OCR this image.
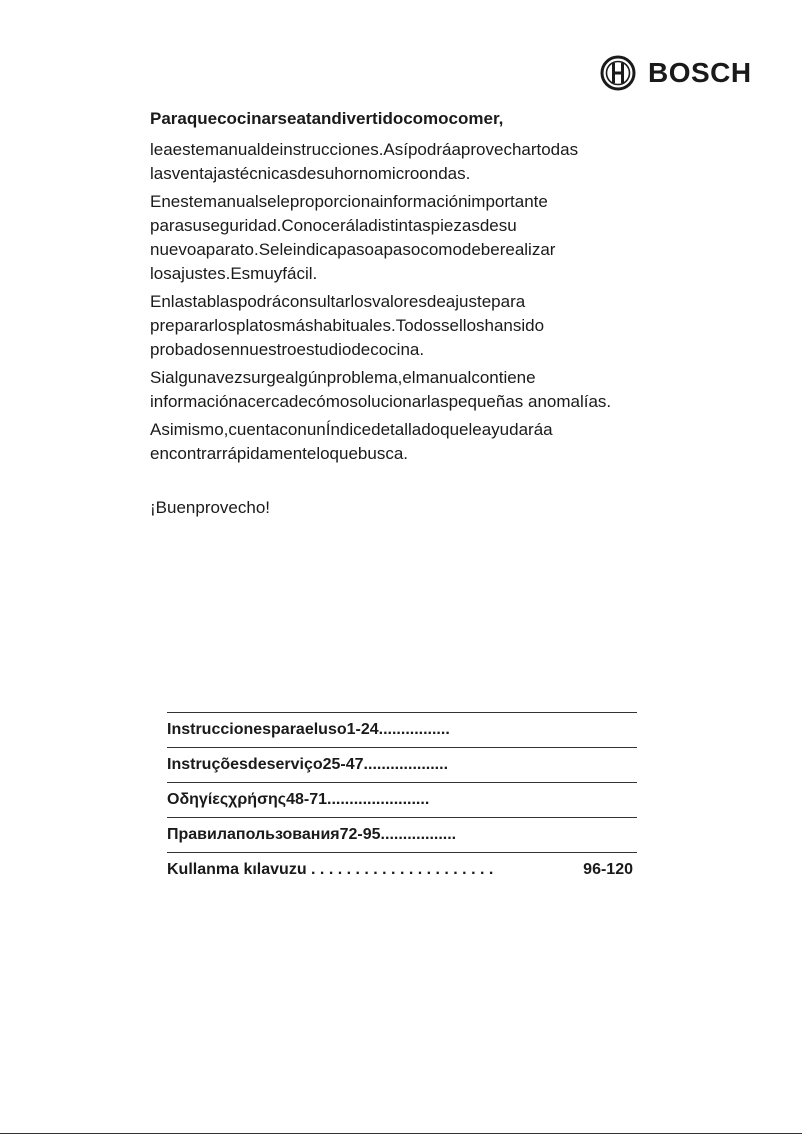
BOSCH
Paraquecocinarseatandivertidocomocomer,

leaestemanualdeinstrucciones.Asípodráaprovechartodas lasventajastécnicasdesuhornomicroondas.

Enestemanualseleproporcionainformaciónimportante parasuseguridad.Conoceráladistintaspiezasdesu nuevoaparato.Seleindicapasoapasocomodeberealizar losajustes.Esmuyfácil.

Enlastablaspodráconsultarlosvaloresdeajustepara prepararlosplatosmáshabituales.Todosselloshansido probadosennuestroestudiodecocina.

Sialgunavezsurgealgúnproblema,elmanualcontiene informaciónacercadecómosolucionarlaspequeñas anomalías.

Asimismo,cuentaconunÍndicedetalladoqueleayudaráa encontrarrápidamenteloquebusca.

¡Buenprovecho!
Instruccionesparaeluso1-24................
Instruçõesdeserviço25-47...................
Οδηγίεςχρήσης48-71.......................
Правилапользования72-95.................
Kullanma kılavuzu . . . . . . . . . . . . . . . . . . . . .	96-120
